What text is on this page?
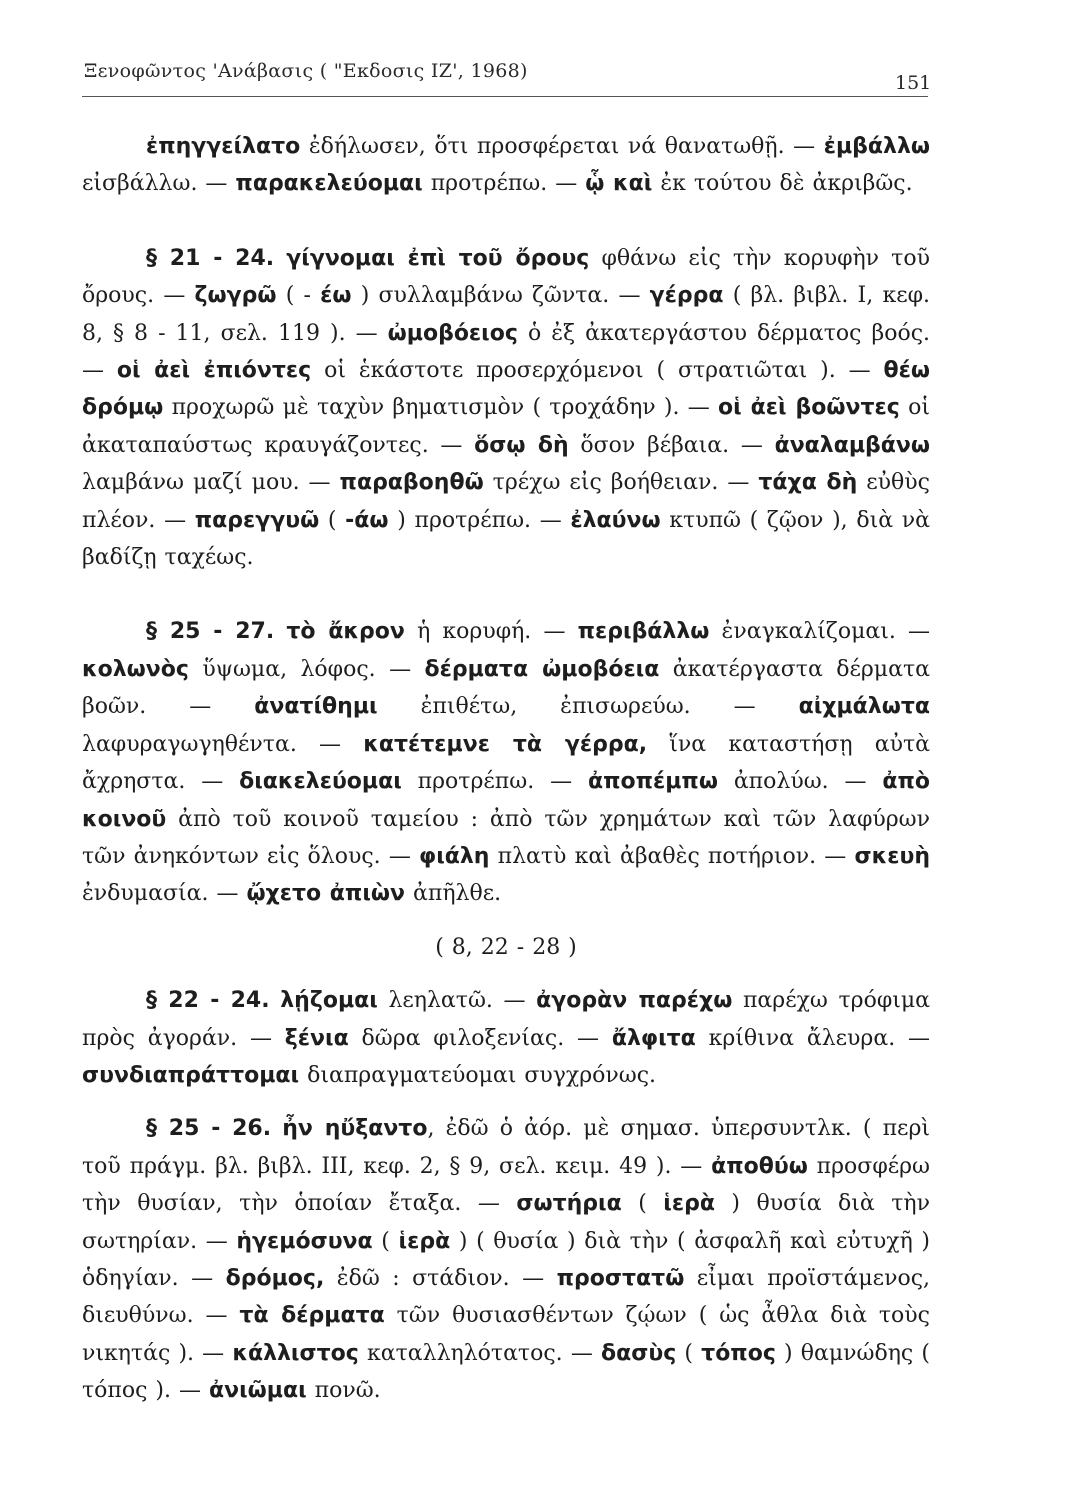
Ξενοφῶντος 'Ανάβασις ( "Εκδοσις ΙΖ', 1968)
151

ἐπηγγείλατο ἐδήλωσεν, ὅτι προσφέρεται νά θανατωθῇ. — ἐμβάλλω εἰσβάλλω. — παρακελεύομαι προτρέπω. — ᾧ καὶ ἐκ τούτου δὲ ἀκριβῶς.

§ 21 - 24. γίγνομαι ἐπὶ τοῦ ὄρους φθάνω εἰς τὴν κορυφὴν τοῦ ὄρους. — ζωγρῶ ( - έω ) συλλαμβάνω ζῶντα. — γέρρα ( βλ. βιβλ. Ι, κεφ. 8, § 8 - 11, σελ. 119 ). — ὠμοβόειος ὁ ἐξ ἀκατεργάστου δέρματος βοός. — οἱ ἀεὶ ἐπιόντες οἱ ἑκάστοτε προσερχόμενοι ( στρατιῶται ). — θέω δρόμῳ προχωρῶ μὲ ταχὺν βηματισμὸν ( τροχάδην ). — οἱ ἀεὶ βοῶντες οἱ ἀκαταπαύστως κραυγάζοντες. — ὅσῳ δὴ ὅσον βέβαια. — ἀναλαμβάνω λαμβάνω μαζί μου. — παραβοηθῶ τρέχω εἰς βοήθειαν. — τάχα δὴ εὐθὺς πλέον. — παρεγγυῶ ( -άω ) προτρέπω. — ἐλαύνω κτυπῶ ( ζῷον ), διὰ νὰ βαδίζῃ ταχέως.

§ 25 - 27. τὸ ἄκρον ἡ κορυφή. — περιβάλλω ἐναγκαλίζομαι. — κολωνὸς ὕψωμα, λόφος. — δέρματα ὠμοβόεια ἀκατέργαστα δέρματα βοῶν. — ἀνατίθημι ἐπιθέτω, ἐπισωρεύω. — αἰχμάλωτα λαφυραγωγηθέντα. — κατέτεμνε τὰ γέρρα, ἵνα καταστήσῃ αὐτὰ ἄχρηστα. — διακελεύομαι προτρέπω. — ἀποπέμπω ἀπολύω. — ἀπὸ κοινοῦ ἀπὸ τοῦ κοινοῦ ταμείου : ἀπὸ τῶν χρημάτων καὶ τῶν λαφύρων τῶν ἀνηκόντων εἰς ὅλους. — φιάλη πλατὺ καὶ ἀβαθὲς ποτήριον. — σκευὴ ἐνδυμασία. — ᾤχετο ἀπιὼν ἀπῆλθε.

( 8, 22 - 28 )

§ 22 - 24. λῄζομαι λεηλατῶ. — ἀγορὰν παρέχω παρέχω τρόφιμα πρὸς ἀγοράν. — ξένια δῶρα φιλοξενίας. — ἄλφιτα κρίθινα ἄλευρα. — συνδιαπράττομαι διαπραγματεύομαι συγχρόνως.

§ 25 - 26. ἦν ηὔξαντο, ἐδῶ ὁ ἀόρ. μὲ σημασ. ὑπερσυντλκ. ( περὶ τοῦ πράγμ. βλ. βιβλ. ΙΙΙ, κεφ. 2, § 9, σελ. κειμ. 49 ). — ἀποθύω προσφέρω τὴν θυσίαν, τὴν ὁποίαν ἔταξα. — σωτήρια ( ἱερὰ ) θυσία διὰ τὴν σωτηρίαν. — ἡγεμόσυνα ( ἱερὰ ) ( θυσία ) διὰ τὴν ( ἀσφαλῆ καὶ εὐτυχῆ ) ὁδηγίαν. — δρόμος, ἐδῶ : στάδιον. — προστατῶ εἶμαι προϊστάμενος, διευθύνω. — τὰ δέρματα τῶν θυσιασθέντων ζῴων ( ὡς ἆθλα διὰ τοὺς νικητάς ). — κάλλιστος καταλληλότατος. — δασὺς ( τόπος ) θαμνώδης ( τόπος ). — ἀνιῶμαι πονῶ.
